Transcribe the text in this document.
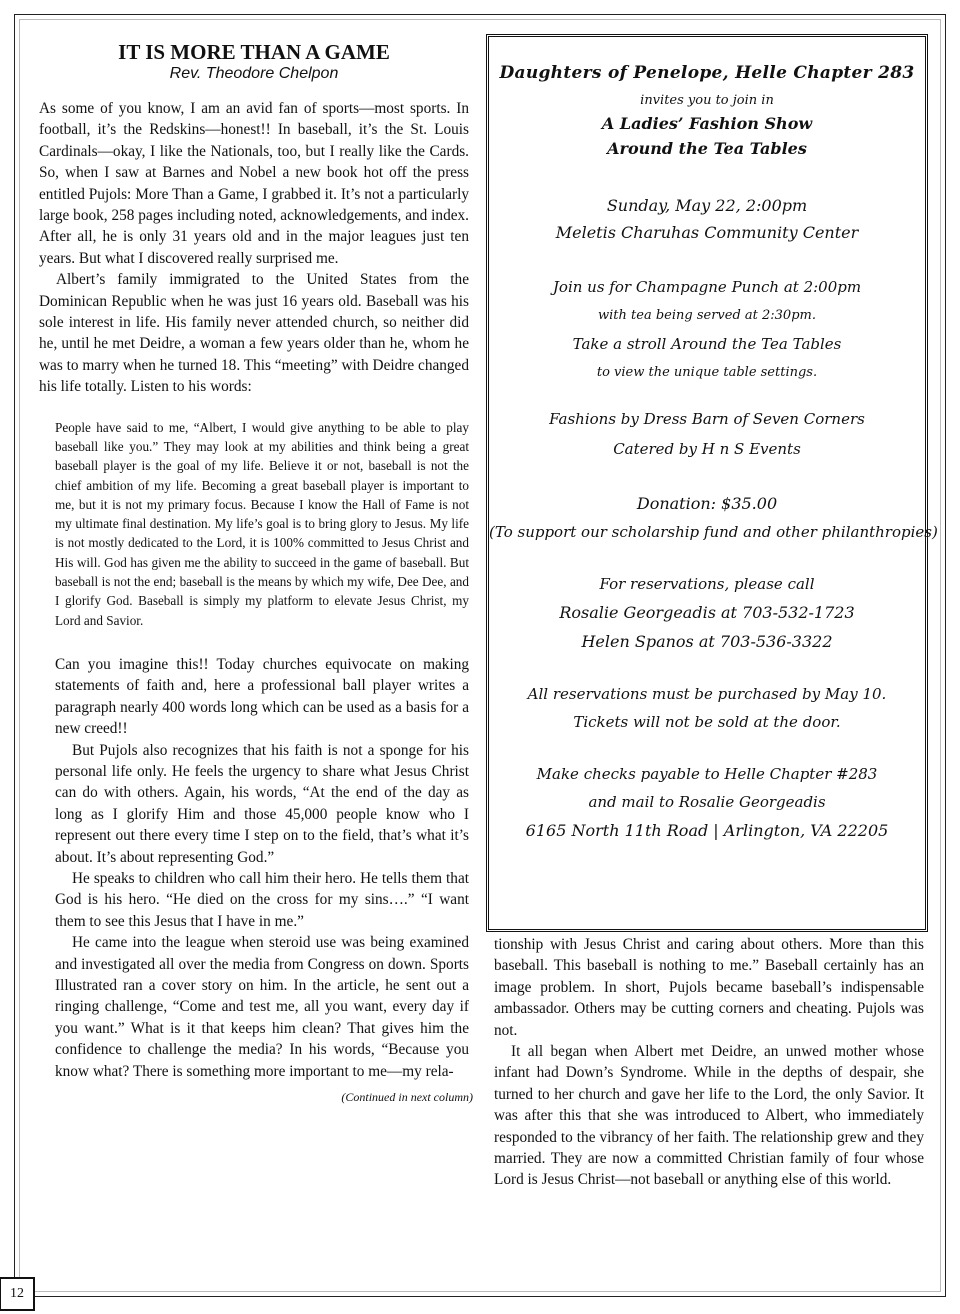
IT IS MORE THAN A GAME
Rev. Theodore Chelpon

As some of you know, I am an avid fan of sports—most sports. In football, it’s the Redskins—honest!! In baseball, it’s the St. Louis Cardinals—okay, I like the Nationals, too, but I really like the Cards. So, when I saw at Barnes and Nobel a new book hot off the press entitled Pujols: More Than a Game, I grabbed it. It’s not a particularly large book, 258 pages including noted, acknowledgements, and index. After all, he is only 31 years old and in the major leagues just ten years. But what I discovered really surprised me.

Albert’s family immigrated to the United States from the Dominican Republic when he was just 16 years old. Baseball was his sole interest in life. His family never attended church, so neither did he, until he met Deidre, a woman a few years older than he, whom he was to marry when he turned 18. This “meeting” with Deidre changed his life totally. Listen to his words:

People have said to me, “Albert, I would give anything to be able to play baseball like you.” They may look at my abilities and think being a great baseball player is the goal of my life. Believe it or not, baseball is not the chief ambition of my life. Becoming a great baseball player is important to me, but it is not my primary focus. Because I know the Hall of Fame is not my ultimate final destination. My life’s goal is to bring glory to Jesus. My life is not mostly dedicated to the Lord, it is 100% committed to Jesus Christ and His will. God has given me the ability to succeed in the game of baseball. But baseball is not the end; baseball is the means by which my wife, Dee Dee, and I glorify God. Baseball is simply my platform to elevate Jesus Christ, my Lord and Savior.

Can you imagine this!! Today churches equivocate on making statements of faith and, here a professional ball player writes a paragraph nearly 400 words long which can be used as a basis for a new creed!!

But Pujols also recognizes that his faith is not a sponge for his personal life only. He feels the urgency to share what Jesus Christ can do with others. Again, his words, “At the end of the day as long as I glorify Him and those 45,000 people know who I represent out there every time I step on to the field, that’s what it’s about. It’s about representing God.”

He speaks to children who call him their hero. He tells them that God is his hero. “He died on the cross for my sins….” “I want them to see this Jesus that I have in me.”

He came into the league when steroid use was being examined and investigated all over the media from Congress on down. Sports Illustrated ran a cover story on him. In the article, he sent out a ringing challenge, “Come and test me, all you want, every day if you want.” What is it that keeps him clean? That gives him the confidence to challenge the media? In his words, “Because you know what? There is something more important to me—my rela-

(Continued in next column)
Daughters of Penelope, Helle Chapter 283
invites you to join in
A Ladies’ Fashion Show
Around the Tea Tables
Sunday, May 22, 2:00pm
Meletis Charuhas Community Center
Join us for Champagne Punch at 2:00pm
with tea being served at 2:30pm.
Take a stroll Around the Tea Tables
to view the unique table settings.
Fashions by Dress Barn of Seven Corners
Catered by H n S Events
Donation: $35.00
(To support our scholarship fund and other philanthropies)
For reservations, please call
Rosalie Georgeadis at 703-532-1723
Helen Spanos at 703-536-3322
All reservations must be purchased by May 10.
Tickets will not be sold at the door.
Make checks payable to Helle Chapter #283
and mail to Rosalie Georgeadis
6165 North 11th Road | Arlington, VA 22205

tionship with Jesus Christ and caring about others. More than this baseball. This baseball is nothing to me.” Baseball certainly has an image problem. In short, Pujols became baseball’s indispensable ambassador. Others may be cutting corners and cheating. Pujols was not.

It all began when Albert met Deidre, an unwed mother whose infant had Down’s Syndrome. While in the depths of despair, she turned to her church and gave her life to the Lord, the only Savior. It was after this that she was introduced to Albert, who immediately responded to the vibrancy of her faith. The relationship grew and they married. They are now a committed Christian family of four whose Lord is Jesus Christ—not baseball or anything else of this world.

12
